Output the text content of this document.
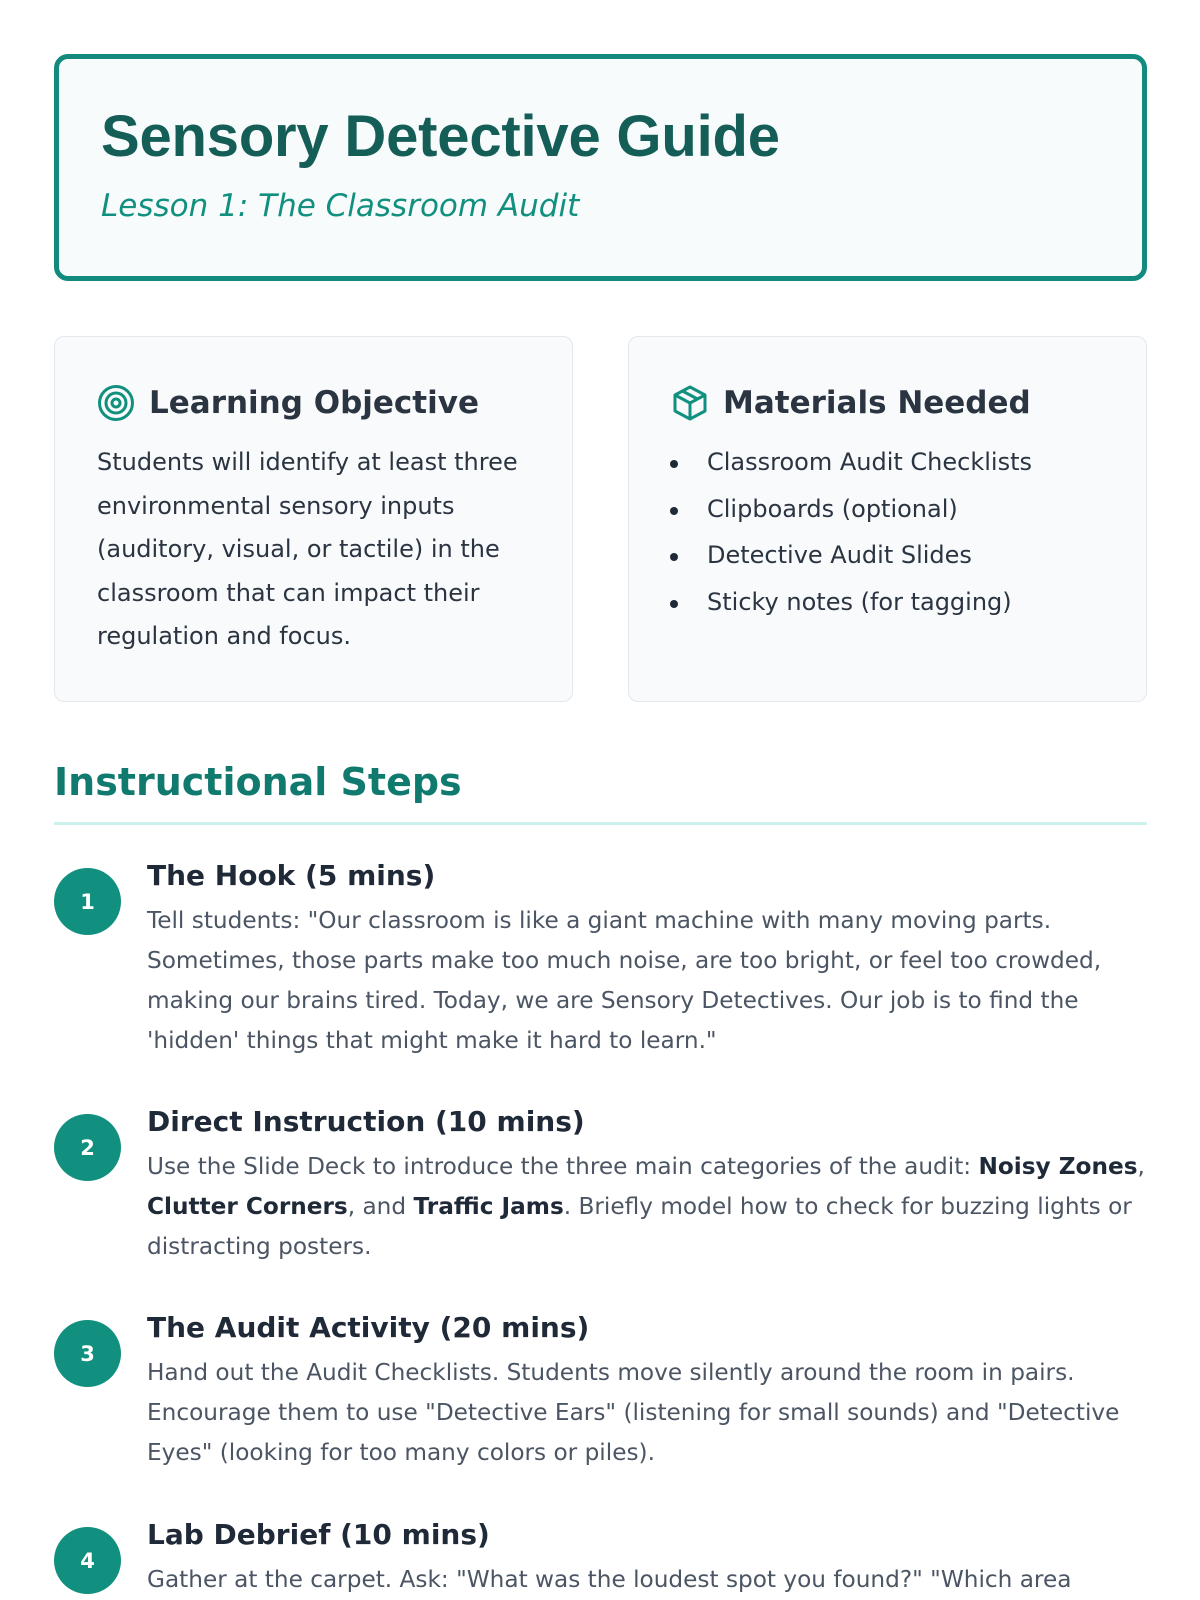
Sensory Detective Guide
Lesson 1: The Classroom Audit
Learning Objective

Students will identify at least three environmental sensory inputs (auditory, visual, or tactile) in the classroom that can impact their regulation and focus.

Materials Needed
Classroom Audit Checklists
Clipboards (optional)
Detective Audit Slides
Sticky notes (for tagging)
Instructional Steps
1
The Hook (5 mins)

Tell students: "Our classroom is like a giant machine with many moving parts. Sometimes, those parts make too much noise, are too bright, or feel too crowded, making our brains tired. Today, we are Sensory Detectives. Our job is to find the 'hidden' things that might make it hard to learn."

2
Direct Instruction (10 mins)

Use the Slide Deck to introduce the three main categories of the audit: Noisy Zones, Clutter Corners, and Traffic Jams. Briefly model how to check for buzzing lights or distracting posters.

3
The Audit Activity (20 mins)

Hand out the Audit Checklists. Students move silently around the room in pairs. Encourage them to use "Detective Ears" (listening for small sounds) and "Detective Eyes" (looking for too many colors or piles).

4
Lab Debrief (10 mins)

Gather at the carpet. Ask: "What was the loudest spot you found?" "Which area
